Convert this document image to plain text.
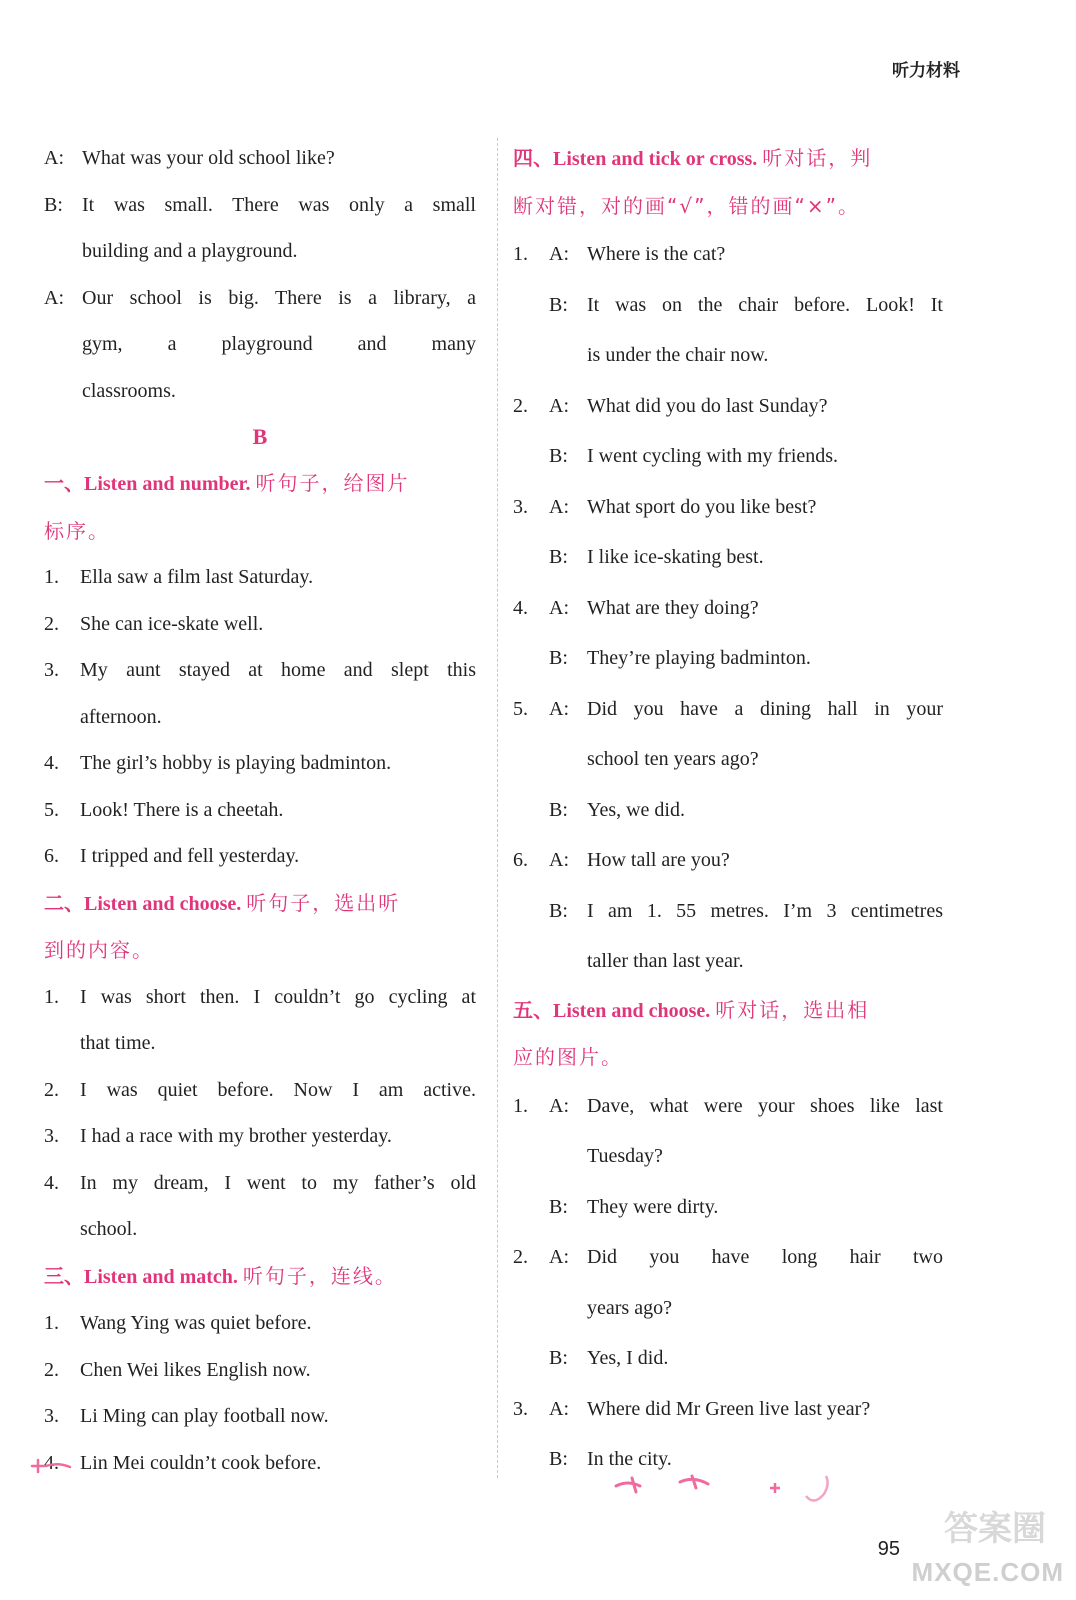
听力材料
A: What was your old school like?
B: It was small. There was only a small
building and a playground.
A: Our school is big. There is a library, a
gym, a playground and many
classrooms.
B
一、Listen and number. 听句子，给图片
标序。
1.	Ella saw a film last Saturday.
2.	She can ice-skate well.
3.	My aunt stayed at home and slept this
afternoon.
4.	The girl’s hobby is playing badminton.
5.	Look! There is a cheetah.
6.	I tripped and fell yesterday.
二、Listen and choose. 听句子，选出听
到的内容。
1.	I was short then. I couldn’t go cycling at
that time.
2.	I was quiet before. Now I am active.
3.	I had a race with my brother yesterday.
4.	In my dream, I went to my father’s old
school.
三、Listen and match. 听句子，连线。
1.	Wang Ying was quiet before.
2.	Chen Wei likes English now.
3.	Li Ming can play football now.
4.	Lin Mei couldn’t cook before.
四、Listen and tick or cross. 听对话，判
断对错，对的画“√”，错的画“×”。
1.	A: Where is the cat?
B: It was on the chair before. Look! It
is under the chair now.
2.	A: What did you do last Sunday?
B: I went cycling with my friends.
3.	A: What sport do you like best?
B: I like ice-skating best.
4.	A: What are they doing?
B: They’re playing badminton.
5.	A: Did you have a dining hall in your
school ten years ago?
B: Yes, we did.
6.	A: How tall are you?
B: I am 1. 55 metres. I’m 3 centimetres
taller than last year.
五、Listen and choose. 听对话，选出相
应的图片。
1.	A: Dave, what were your shoes like last
Tuesday?
B: They were dirty.
2.	A: Did you have long hair two
years ago?
B: Yes, I did.
3.	A: Where did Mr Green live last year?
B: In the city.
95 答案圈
MXQE.COM
